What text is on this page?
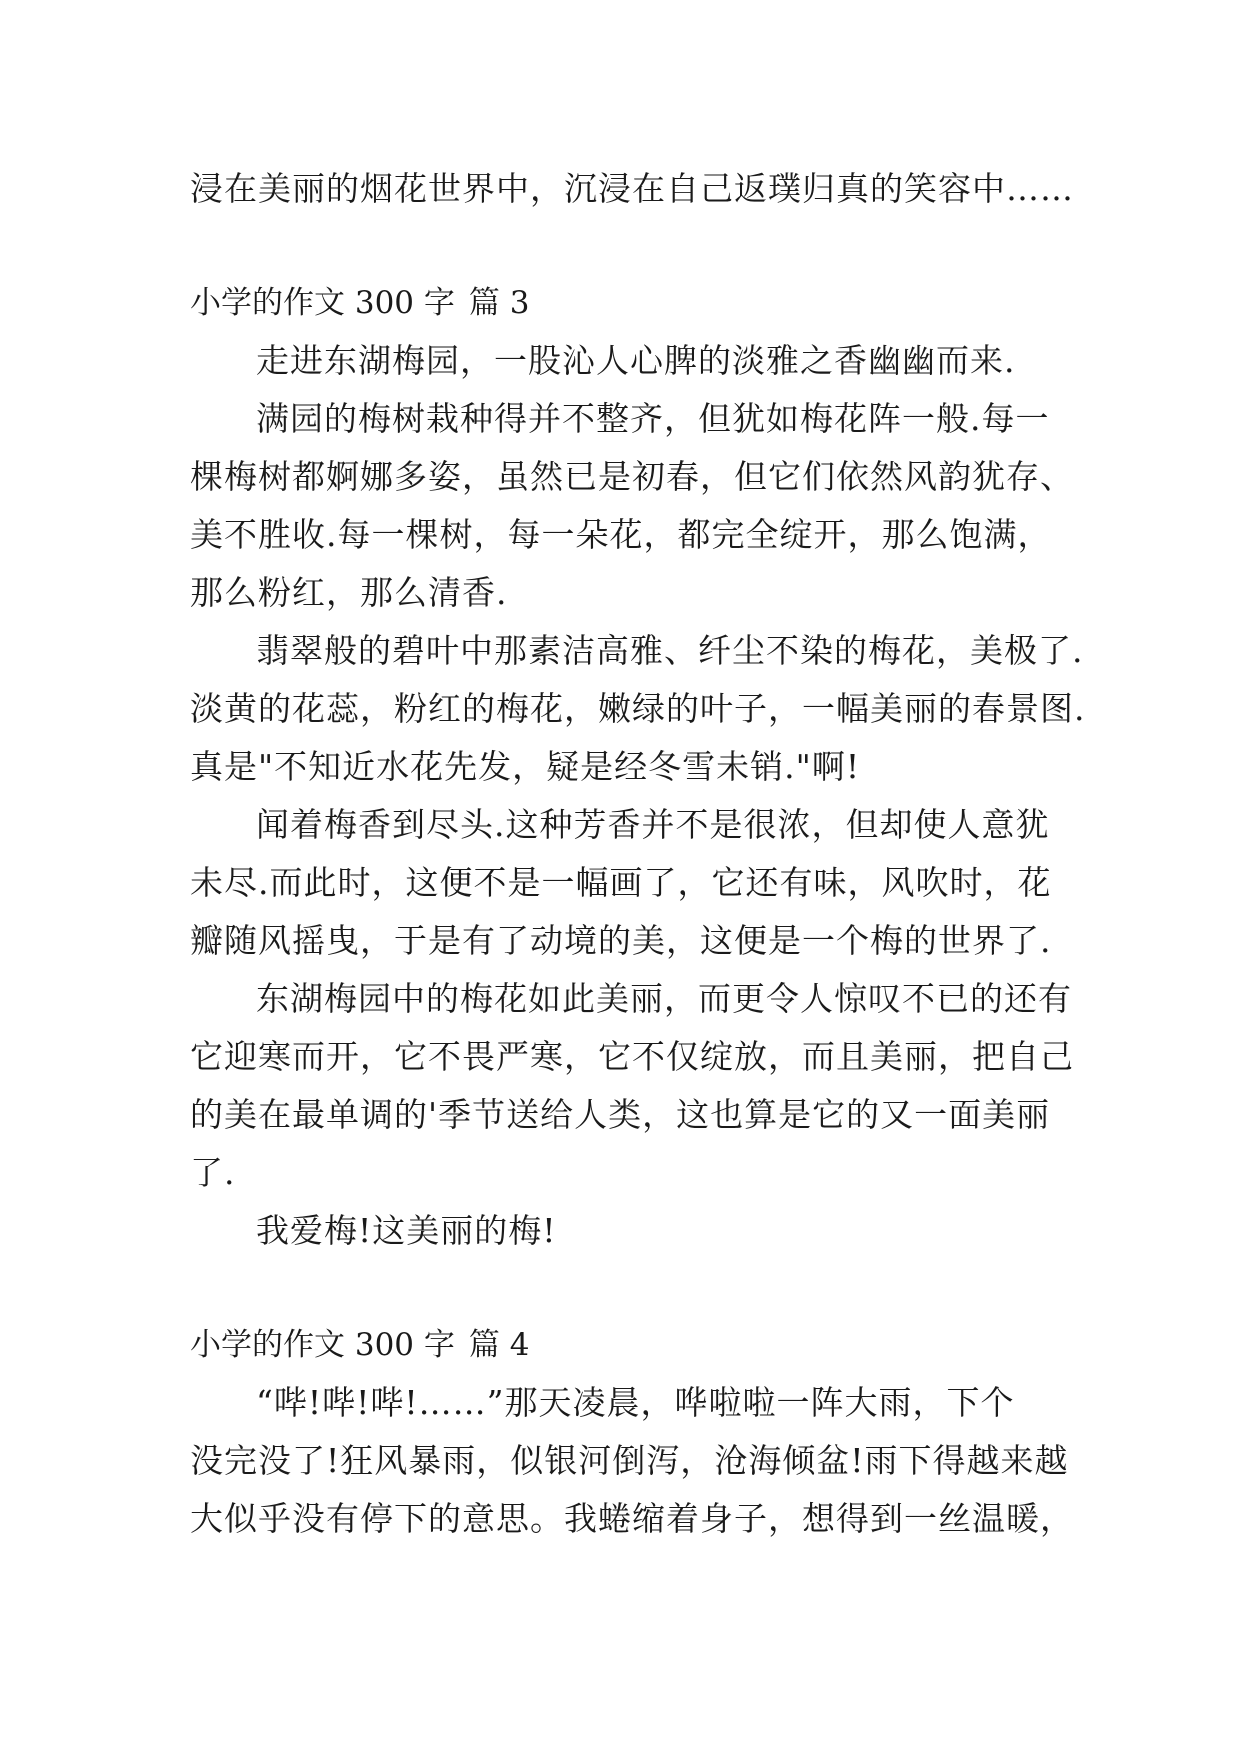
浸在美丽的烟花世界中，沉浸在自己返璞归真的笑容中……
小学的作文 300 字 篇 3
走进东湖梅园，一股沁人心脾的淡雅之香幽幽而来.
满园的梅树栽种得并不整齐，但犹如梅花阵一般.每一
棵梅树都婀娜多姿，虽然已是初春，但它们依然风韵犹存、
美不胜收.每一棵树，每一朵花，都完全绽开，那么饱满，
那么粉红，那么清香.
翡翠般的碧叶中那素洁高雅、纤尘不染的梅花，美极了.
淡黄的花蕊，粉红的梅花，嫩绿的叶子，一幅美丽的春景图.
真是"不知近水花先发，疑是经冬雪未销."啊!
闻着梅香到尽头.这种芳香并不是很浓，但却使人意犹
未尽.而此时，这便不是一幅画了，它还有味，风吹时，花
瓣随风摇曳，于是有了动境的美，这便是一个梅的世界了.
东湖梅园中的梅花如此美丽，而更令人惊叹不已的还有
它迎寒而开，它不畏严寒，它不仅绽放，而且美丽，把自己
的美在最单调的'季节送给人类，这也算是它的又一面美丽
了.
我爱梅!这美丽的梅!
小学的作文 300 字 篇 4
“哔!哔!哔!……”那天凌晨，哗啦啦一阵大雨，下个
没完没了!狂风暴雨，似银河倒泻，沧海倾盆!雨下得越来越
大似乎没有停下的意思。我蜷缩着身子，想得到一丝温暖，
